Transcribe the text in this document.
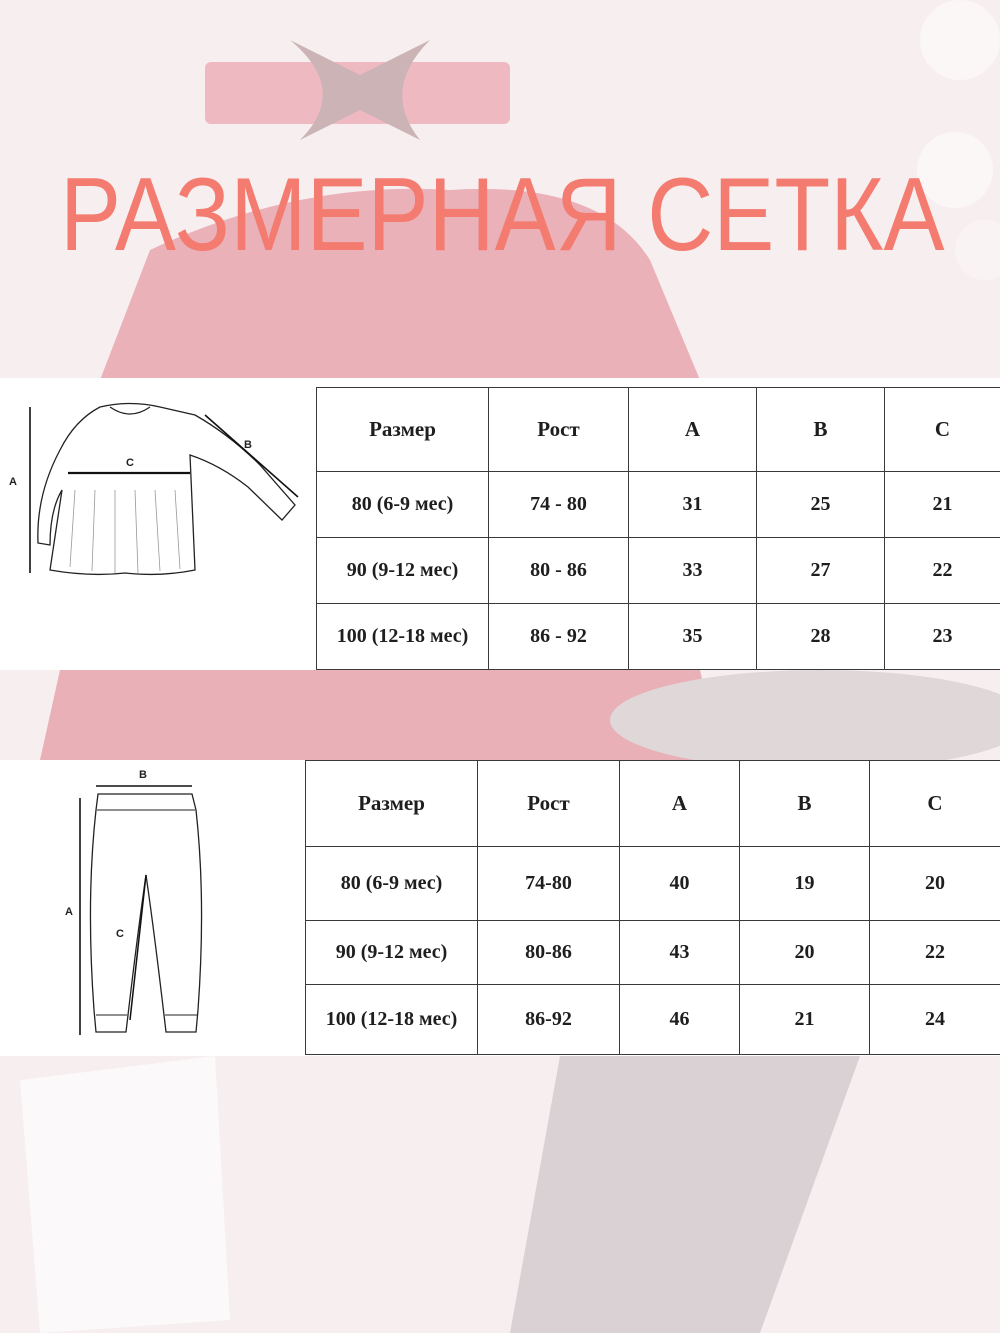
РАЗМЕРНАЯ СЕТКА
A
B
C
Размер	Рост	A	B	C
80 (6-9 мес)	74 - 80	31	25	21
90 (9-12 мес)	80 - 86	33	27	22
100 (12-18 мес)	86 - 92	35	28	23
A
B
C
Размер	Рост	A	B	C
80 (6-9 мес)	74-80	40	19	20
90 (9-12 мес)	80-86	43	20	22
100 (12-18 мес)	86-92	46	21	24
